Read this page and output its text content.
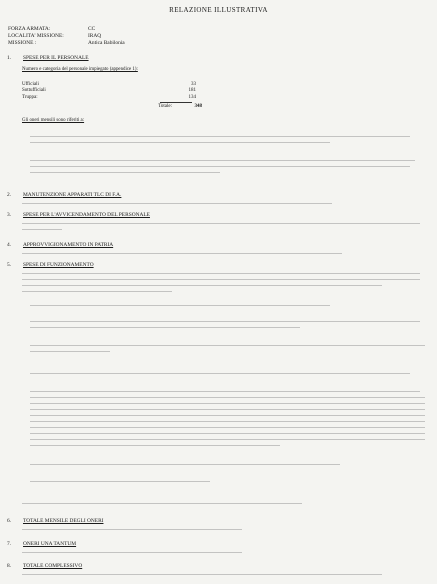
RELAZIONE ILLUSTRATIVA
FORZA ARMATA:	CC
LOCALITA' MISSIONE:	IRAQ
MISSIONE :	Antica Babilonia
1. SPESE PER IL PERSONALE
Numero e categoria del personale impiegato (appendice 1):
Ufficiali	33
Sottufficiali	181
Truppa:	134
Totale:	348
Gli oneri mensili sono riferiti a:
2. MANUTENZIONE APPARATI TLC DI F.A.
3. SPESE PER L'AVVICENDAMENTO DEL PERSONALE
4. APPROVVIGIONAMENTO IN PATRIA
5. SPESE DI FUNZIONAMENTO
6. TOTALE MENSILE DEGLI ONERI
7. ONERI UNA TANTUM
8. TOTALE COMPLESSIVO
